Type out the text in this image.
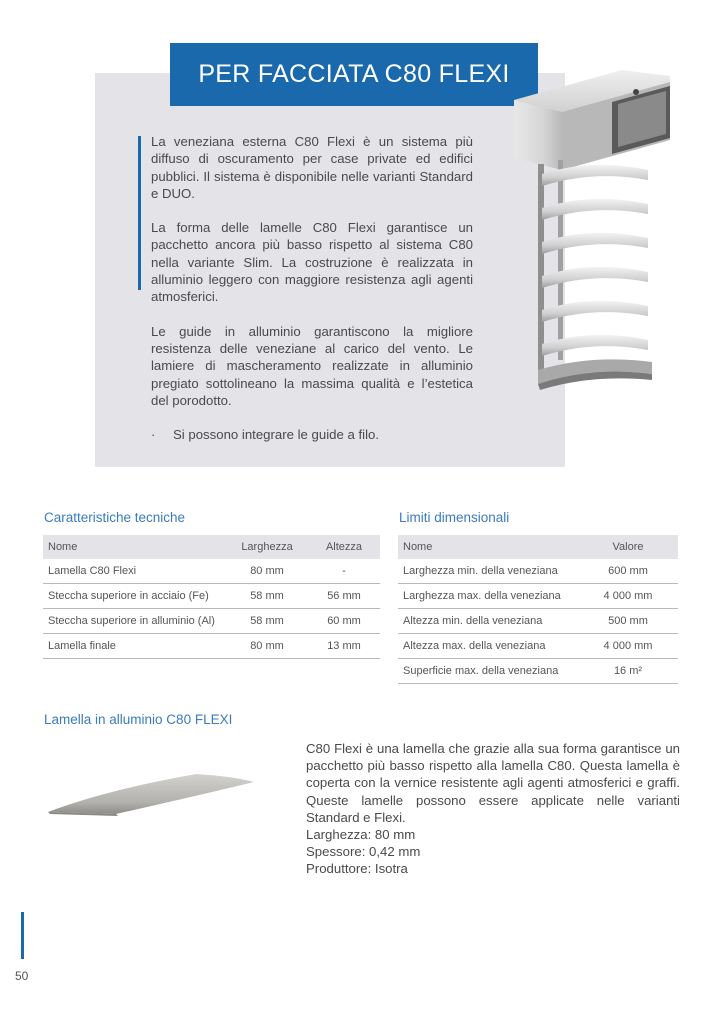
PER FACCIATA C80 FLEXI

La veneziana esterna C80 Flexi è un sistema più diffuso di oscuramento per case private ed edifici pubblici. Il sistema è disponibile nelle varianti Standard e DUO.

La forma delle lamelle C80 Flexi garantisce un pacchetto ancora più basso rispetto al sistema C80 nella variante Slim. La costruzione è realizzata in alluminio leggero con maggiore resistenza agli agenti atmosferici.

Le guide in alluminio garantiscono la migliore resistenza delle veneziane al carico del vento. Le lamiere di mascheramento realizzate in alluminio pregiato sottolineano la massima qualità e l’estetica del porodotto.

·	Si possono integrare le guide a filo.
Caratteristiche tecniche
Nome	Larghezza	Altezza
Lamella C80 Flexi	80 mm	-
Steccha superiore in acciaio (Fe)	58 mm	56 mm
Steccha superiore in alluminio (Al)	58 mm	60 mm
Lamella finale	80 mm	13 mm
Limiti dimensionali
Nome	Valore
Larghezza min. della veneziana	600 mm
Larghezza max. della veneziana	4 000 mm
Altezza min. della veneziana	500 mm
Altezza max. della veneziana	4 000 mm
Superficie max. della veneziana	16 m²
Lamella in alluminio C80 FLEXI

C80 Flexi è una lamella che grazie alla sua forma garantisce un pacchetto più basso rispetto alla lamella C80. Questa lamella è coperta con la vernice resistente agli agenti atmosferici e graffi. Queste lamelle possono essere applicate nelle varianti Standard e Flexi.

Larghezza: 80 mm

Spessore: 0,42 mm

Produttore: Isotra

50
